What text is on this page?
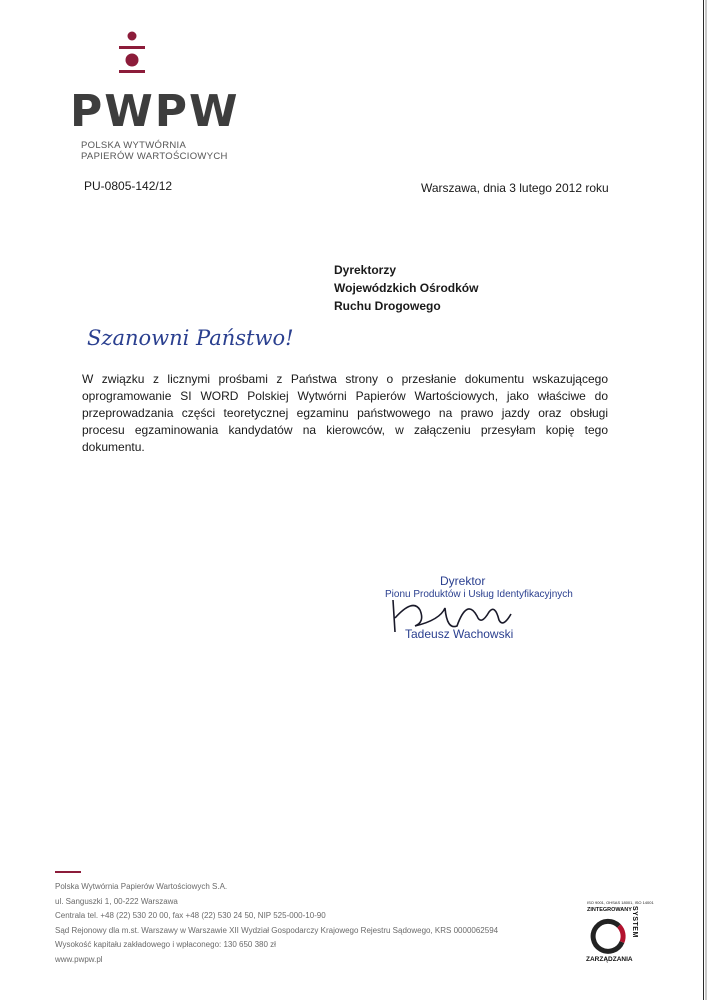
PWPW
POLSKA WYTWÓRNIA
PAPIERÓW WARTOŚCIOWYCH
PU-0805-142/12	Warszawa, dnia 3 lutego 2012 roku
Dyrektorzy
Wojewódzkich Ośrodków
Ruchu Drogowego
Szanowni Państwo!
W związku z licznymi prośbami z Państwa strony o przesłanie dokumentu wskazującego oprogramowanie SI WORD Polskiej Wytwórni Papierów Wartościowych, jako właściwe do przeprowadzania części teoretycznej egzaminu państwowego na prawo jazdy oraz obsługi procesu egzaminowania kandydatów na kierowców, w załączeniu przesyłam kopię tego dokumentu.
Dyrektor
Pionu Produktów i Usług Identyfikacyjnych
Tadeusz Wachowski
Polska Wytwórnia Papierów Wartościowych S.A.
ul. Sanguszki 1, 00-222 Warszawa
Centrala tel. +48 (22) 530 20 00, fax +48 (22) 530 24 50, NIP 525-000-10-90
Sąd Rejonowy dla m.st. Warszawy w Warszawie XII Wydział Gospodarczy Krajowego Rejestru Sądowego, KRS 0000062594
Wysokość kapitału zakładowego i wpłaconego: 130 650 380 zł
www.pwpw.pl
ISO 9001, OHSAS 18001, ISO 14001
ZINTEGROWANY SYSTEM
ZARZĄDZANIA
